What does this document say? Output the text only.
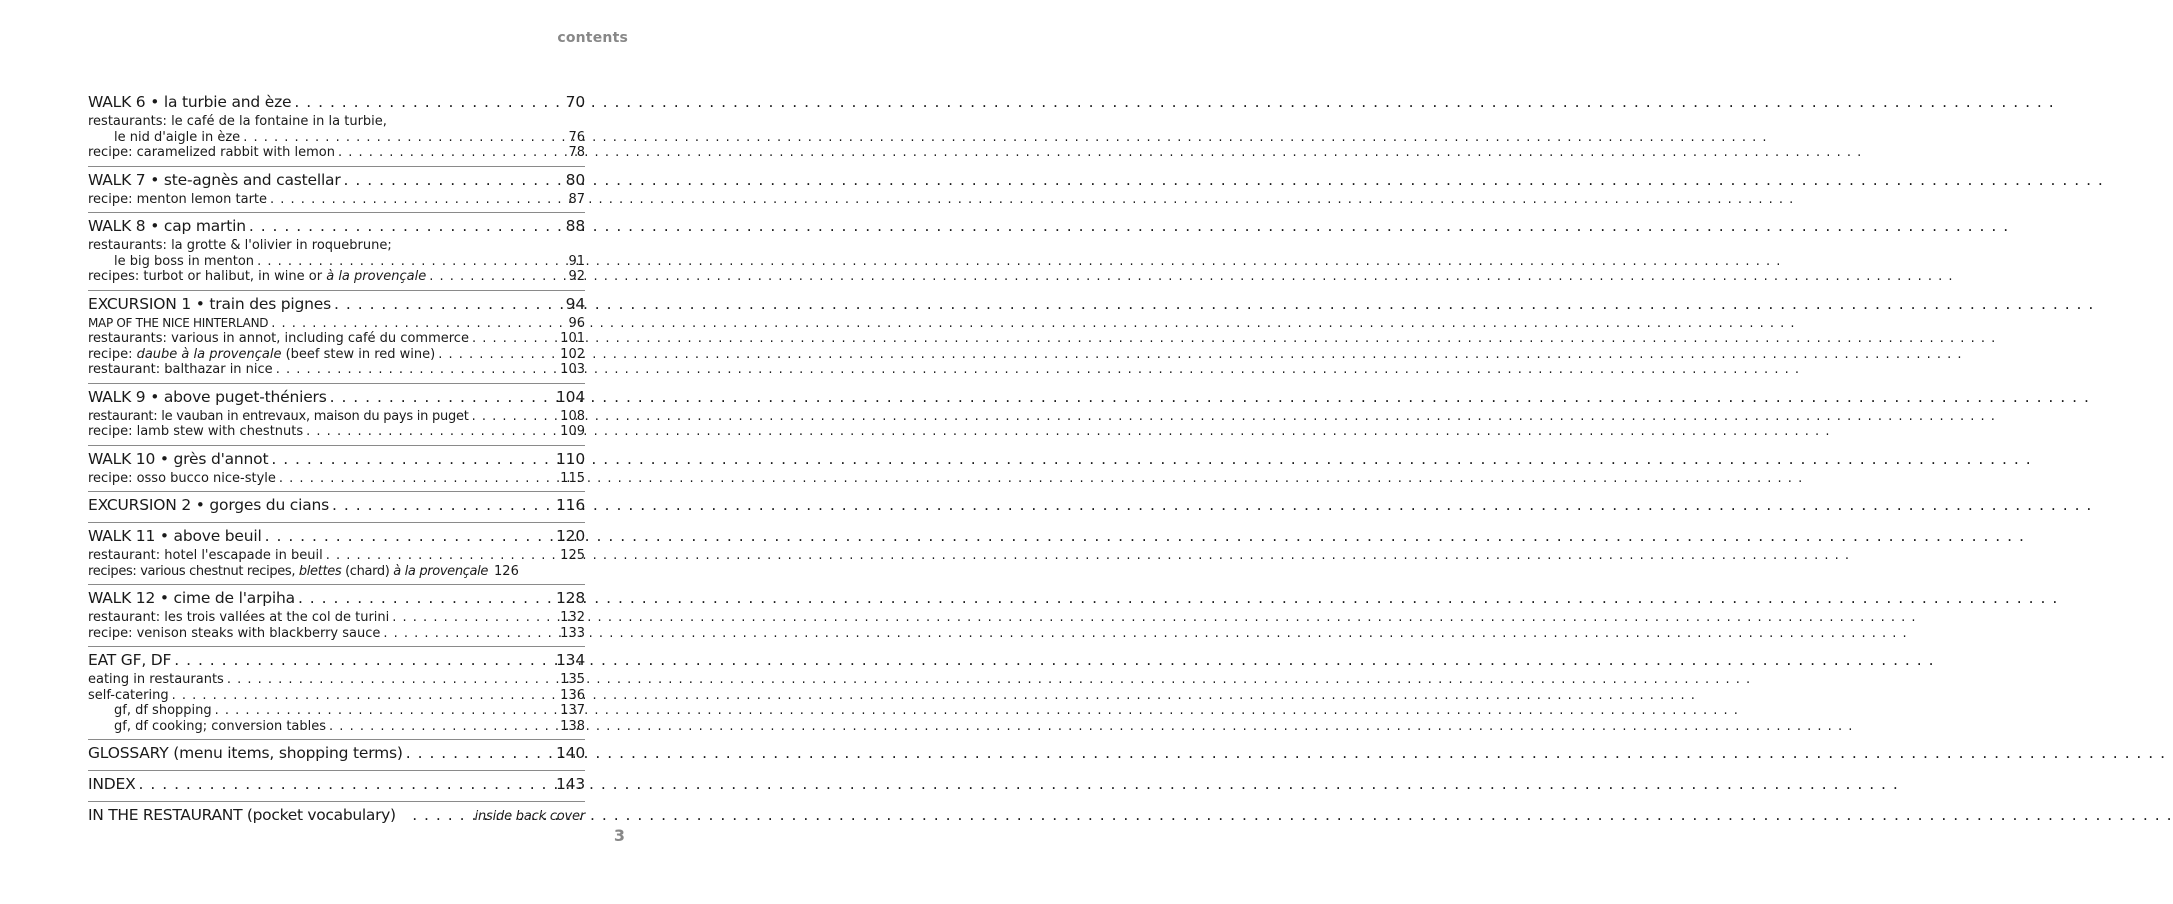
contents
WALK 6 • la turbie and èze . . .	70
restaurants: le café de la fontaine in la turbie,
le nid d'aigle in èze . . .	76
recipe: caramelized rabbit with lemon . . .	78
WALK 7 • ste-agnès and castellar . . .	80
recipe: menton lemon tarte . . .	87
WALK 8 • cap martin . . .	88
restaurants: la grotte & l'olivier in roquebrune;
le big boss in menton . . .	91
recipes: turbot or halibut, in wine or à la provençale . . .	92
EXCURSION 1 • train des pignes . . .	94
MAP OF THE NICE HINTERLAND . . .	96
restaurants: various in annot, including café du commerce . . .	101
recipe: daube à la provençale (beef stew in red wine) . . .	102
restaurant: balthazar in nice . . .	103
WALK 9 • above puget-théniers . . .	104
restaurant: le vauban in entrevaux, maison du pays in puget . . .	108
recipe: lamb stew with chestnuts . . .	109
WALK 10 • grès d'annot . . .	110
recipe: osso bucco nice-style . . .	115
EXCURSION 2 • gorges du cians . . .	116
WALK 11 • above beuil . . .	120
restaurant: hotel l'escapade in beuil . . .	125
recipes: various chestnut recipes, blettes (chard) à la provençale 126
WALK 12 • cime de l'arpiha . . .	128
restaurant: les trois vallées at the col de turini . . .	132
recipe: venison steaks with blackberry sauce . . .	133
EAT GF, DF . . .	134
eating in restaurants . . .	135
self-catering . . .	136
gf, df shopping . . .	137
gf, df cooking; conversion tables . . .	138
GLOSSARY (menu items, shopping terms) . . .	140
INDEX . . .	143
IN THE RESTAURANT (pocket vocabulary) . . .	inside back cover
3
